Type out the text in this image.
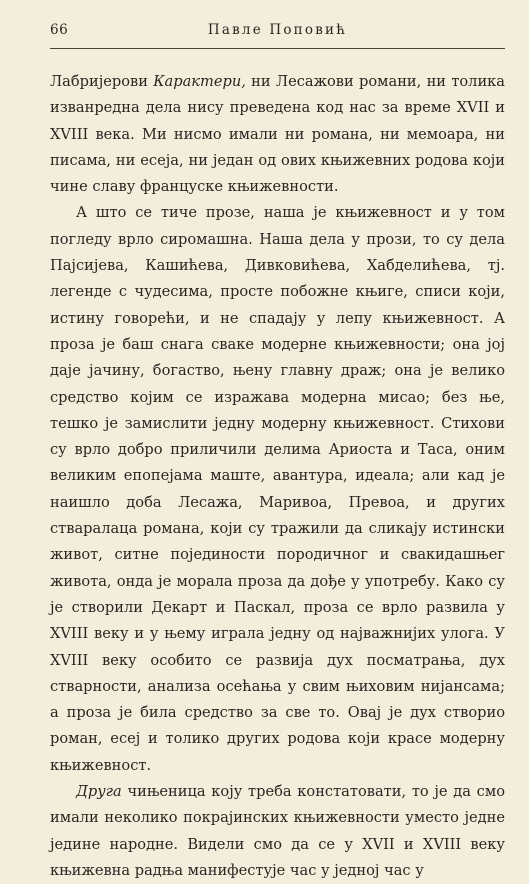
66	Павле Поповић

Лабријерови Карактери, ни Лесажови романи, ни толика изванредна дела нису преведена код нас за време XVII и XVIII века. Ми нисмо имали ни романа, ни мемоара, ни писама, ни есеја, ни један од ових књижевних родова који чине славу француске књижевности.

А што се тиче прозе, наша је књижевност и у том погледу врло сиромашна. Наша дела у прози, то су дела Пајсијева, Кашићева, Дивковићева, Хабделићева, тј. легенде с чудесима, просте побожне књиге, списи који, истину говорећи, и не спадају у лепу књижевност. А проза је баш снага сваке модерне књижевности; она јој даје јачину, богаство, њену главну драж; она је велико средство којим се изражава модерна мисао; без ње, тешко је замислити једну модерну књижевност. Стихови су врло добро приличили делима Ариоста и Таса, оним великим епопејама маште, авантура, идеала; али кад је наишло доба Лесажа, Маривоа, Превоа, и других стваралаца романа, који су тражили да сликају истински живот, ситне појединости породичног и свакидашњег живота, онда је морала проза да дође у употребу. Како су је створили Декарт и Паскал, проза се врло развила у XVIII веку и у њему играла једну од најважнијих улога. У XVIII веку особито се развија дух посматрања, дух стварности, анализа осећања у свим њиховим нијансама; а проза је била средство за све то. Овај је дух створио роман, есеј и толико других родова који красе модерну књижевност.

Друга чињеница коју треба констатовати, то је да смо имали неколико покрајинских књижевности уместо једне једине народне. Видели смо да се у XVII и XVIII веку књижевна радња манифестује час у једној час у
